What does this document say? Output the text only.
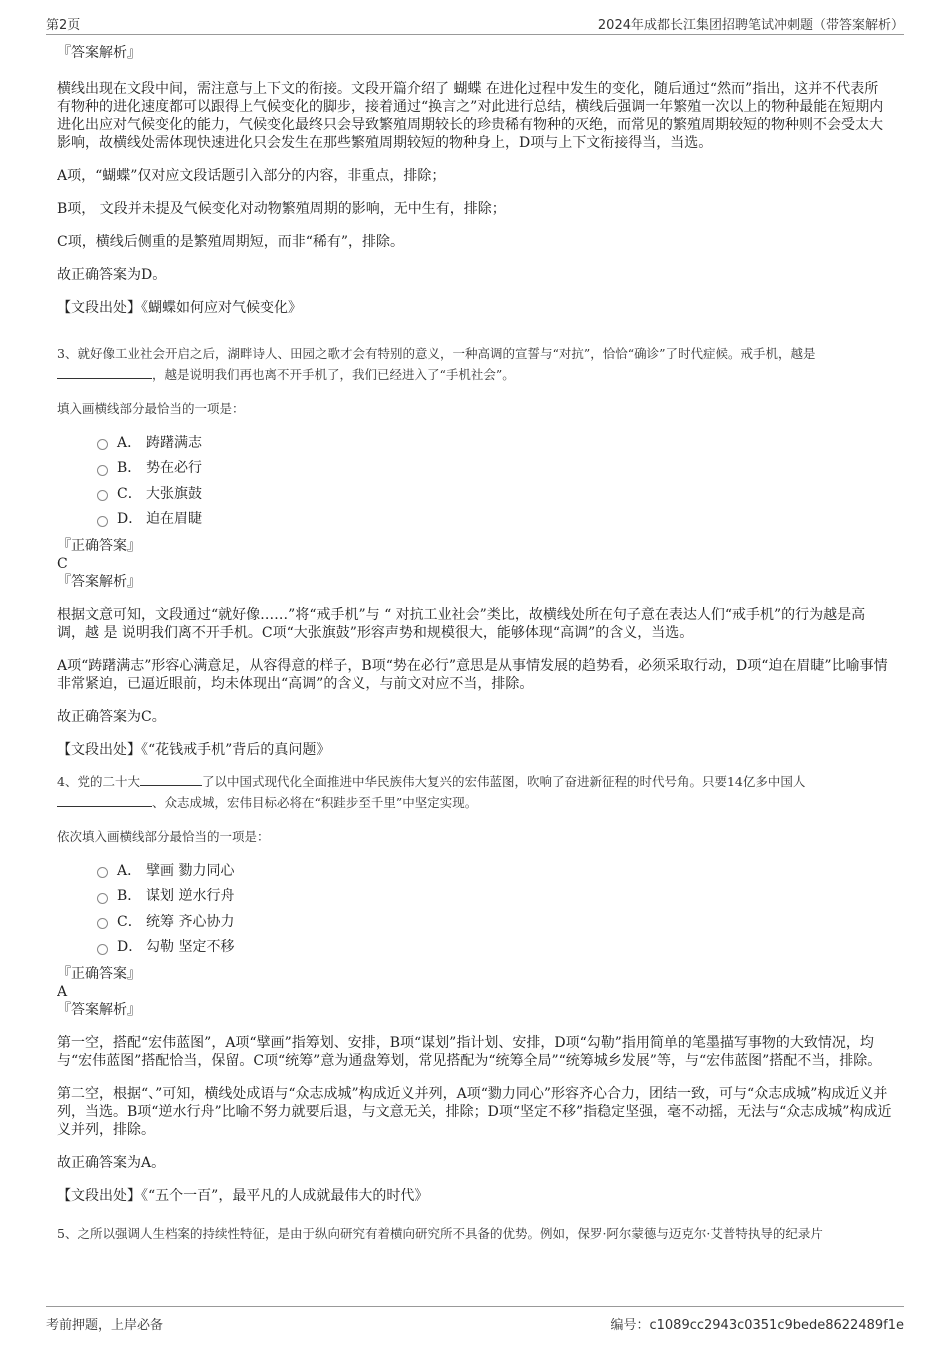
第2页	2024年成都长江集团招聘笔试冲刺题（带答案解析）

『答案解析』

横线出现在文段中间，需注意与上下文的衔接。文段开篇介绍了 蝴蝶 在进化过程中发生的变化，随后通过“然而”指出，这并不代表所有物种的进化速度都可以跟得上气候变化的脚步，接着通过“换言之”对此进行总结，横线后强调一年繁殖一次以上的物种最能在短期内进化出应对气候变化的能力，气候变化最终只会导致繁殖周期较长的珍贵稀有物种的灭绝，而常见的繁殖周期较短的物种则不会受太大影响，故横线处需体现快速进化只会发生在那些繁殖周期较短的物种身上，D项与上下文衔接得当，当选。

A项，“蝴蝶”仅对应文段话题引入部分的内容，非重点，排除；

B项， 文段并未提及气候变化对动物繁殖周期的影响，无中生有，排除；

C项，横线后侧重的是繁殖周期短，而非“稀有”，排除。

故正确答案为D。

【文段出处】《蝴蝶如何应对气候变化》

3、就好像工业社会开启之后，湖畔诗人、田园之歌才会有特别的意义，一种高调的宣誓与“对抗”，恰恰“确诊”了时代症候。戒手机，越是
，越是说明我们再也离不开手机了，我们已经进入了“手机社会”。

填入画横线部分最恰当的一项是：

A． 踌躇满志
B． 势在必行
C． 大张旗鼓
D． 迫在眉睫

『正确答案』

C

『答案解析』

根据文意可知，文段通过“就好像……”将“戒手机”与 “ 对抗工业社会”类比，故横线处所在句子意在表达人们“戒手机”的行为越是高调，越 是 说明我们离不开手机。C项“大张旗鼓”形容声势和规模很大，能够体现“高调”的含义，当选。

A项“踌躇满志”形容心满意足，从容得意的样子，B项“势在必行”意思是从事情发展的趋势看，必须采取行动，D项“迫在眉睫”比喻事情非常紧迫，已逼近眼前，均未体现出“高调”的含义，与前文对应不当，排除。

故正确答案为C。

【文段出处】《“花钱戒手机”背后的真问题》

4、党的二十大	了以中国式现代化全面推进中华民族伟大复兴的宏伟蓝图，吹响了奋进新征程的时代号角。只要14亿多中国人
、众志成城，宏伟目标必将在“积跬步至千里”中坚定实现。

依次填入画横线部分最恰当的一项是：

A． 擘画 勠力同心
B． 谋划 逆水行舟
C． 统筹 齐心协力
D． 勾勒 坚定不移

『正确答案』

A

『答案解析』

第一空，搭配“宏伟蓝图”，A项“擘画”指筹划、安排，B项“谋划”指计划、安排，D项“勾勒”指用简单的笔墨描写事物的大致情况，均与“宏伟蓝图”搭配恰当，保留。C项“统筹”意为通盘筹划，常见搭配为“统筹全局”“统筹城乡发展”等，与“宏伟蓝图”搭配不当，排除。

第二空，根据“、”可知，横线处成语与“众志成城”构成近义并列，A项“勠力同心”形容齐心合力，团结一致，可与“众志成城”构成近义并列，当选。B项“逆水行舟”比喻不努力就要后退，与文意无关，排除；D项“坚定不移”指稳定坚强，毫不动摇，无法与“众志成城”构成近义并列，排除。

故正确答案为A。

【文段出处】《“五个一百”，最平凡的人成就最伟大的时代》

5、之所以强调人生档案的持续性特征，是由于纵向研究有着横向研究所不具备的优势。例如，保罗·阿尔蒙德与迈克尔·艾普特执导的纪录片

考前押题，上岸必备	编号：c1089cc2943c0351c9bede8622489f1e
